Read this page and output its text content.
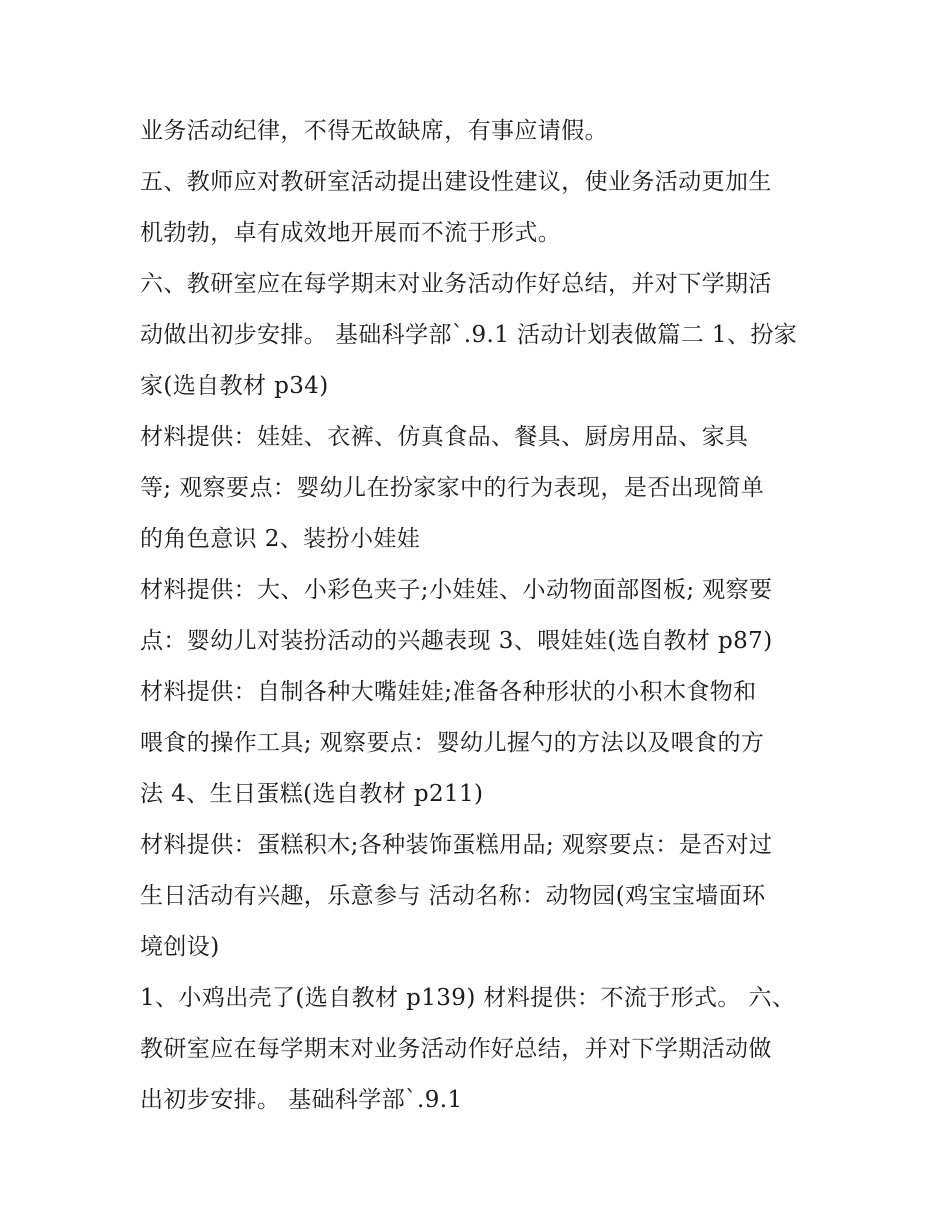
业务活动纪律，不得无故缺席，有事应请假。
五、教师应对教研室活动提出建设性建议，使业务活动更加生
机勃勃，卓有成效地开展而不流于形式。
六、教研室应在每学期末对业务活动作好总结，并对下学期活
动做出初步安排。 基础科学部`.9.1 活动计划表做篇二 1、扮家
家(选自教材 p34)
材料提供：娃娃、衣裤、仿真食品、餐具、厨房用品、家具
等; 观察要点：婴幼儿在扮家家中的行为表现，是否出现简单
的角色意识 2、装扮小娃娃
材料提供：大、小彩色夹子;小娃娃、小动物面部图板; 观察要
点：婴幼儿对装扮活动的兴趣表现 3、喂娃娃(选自教材 p87)
材料提供：自制各种大嘴娃娃;准备各种形状的小积木食物和
喂食的操作工具; 观察要点：婴幼儿握勺的方法以及喂食的方
法 4、生日蛋糕(选自教材 p211)
材料提供：蛋糕积木;各种装饰蛋糕用品; 观察要点：是否对过
生日活动有兴趣，乐意参与 活动名称：动物园(鸡宝宝墙面环
境创设)
1、小鸡出壳了(选自教材 p139) 材料提供：不流于形式。 六、
教研室应在每学期末对业务活动作好总结，并对下学期活动做
出初步安排。 基础科学部`.9.1
